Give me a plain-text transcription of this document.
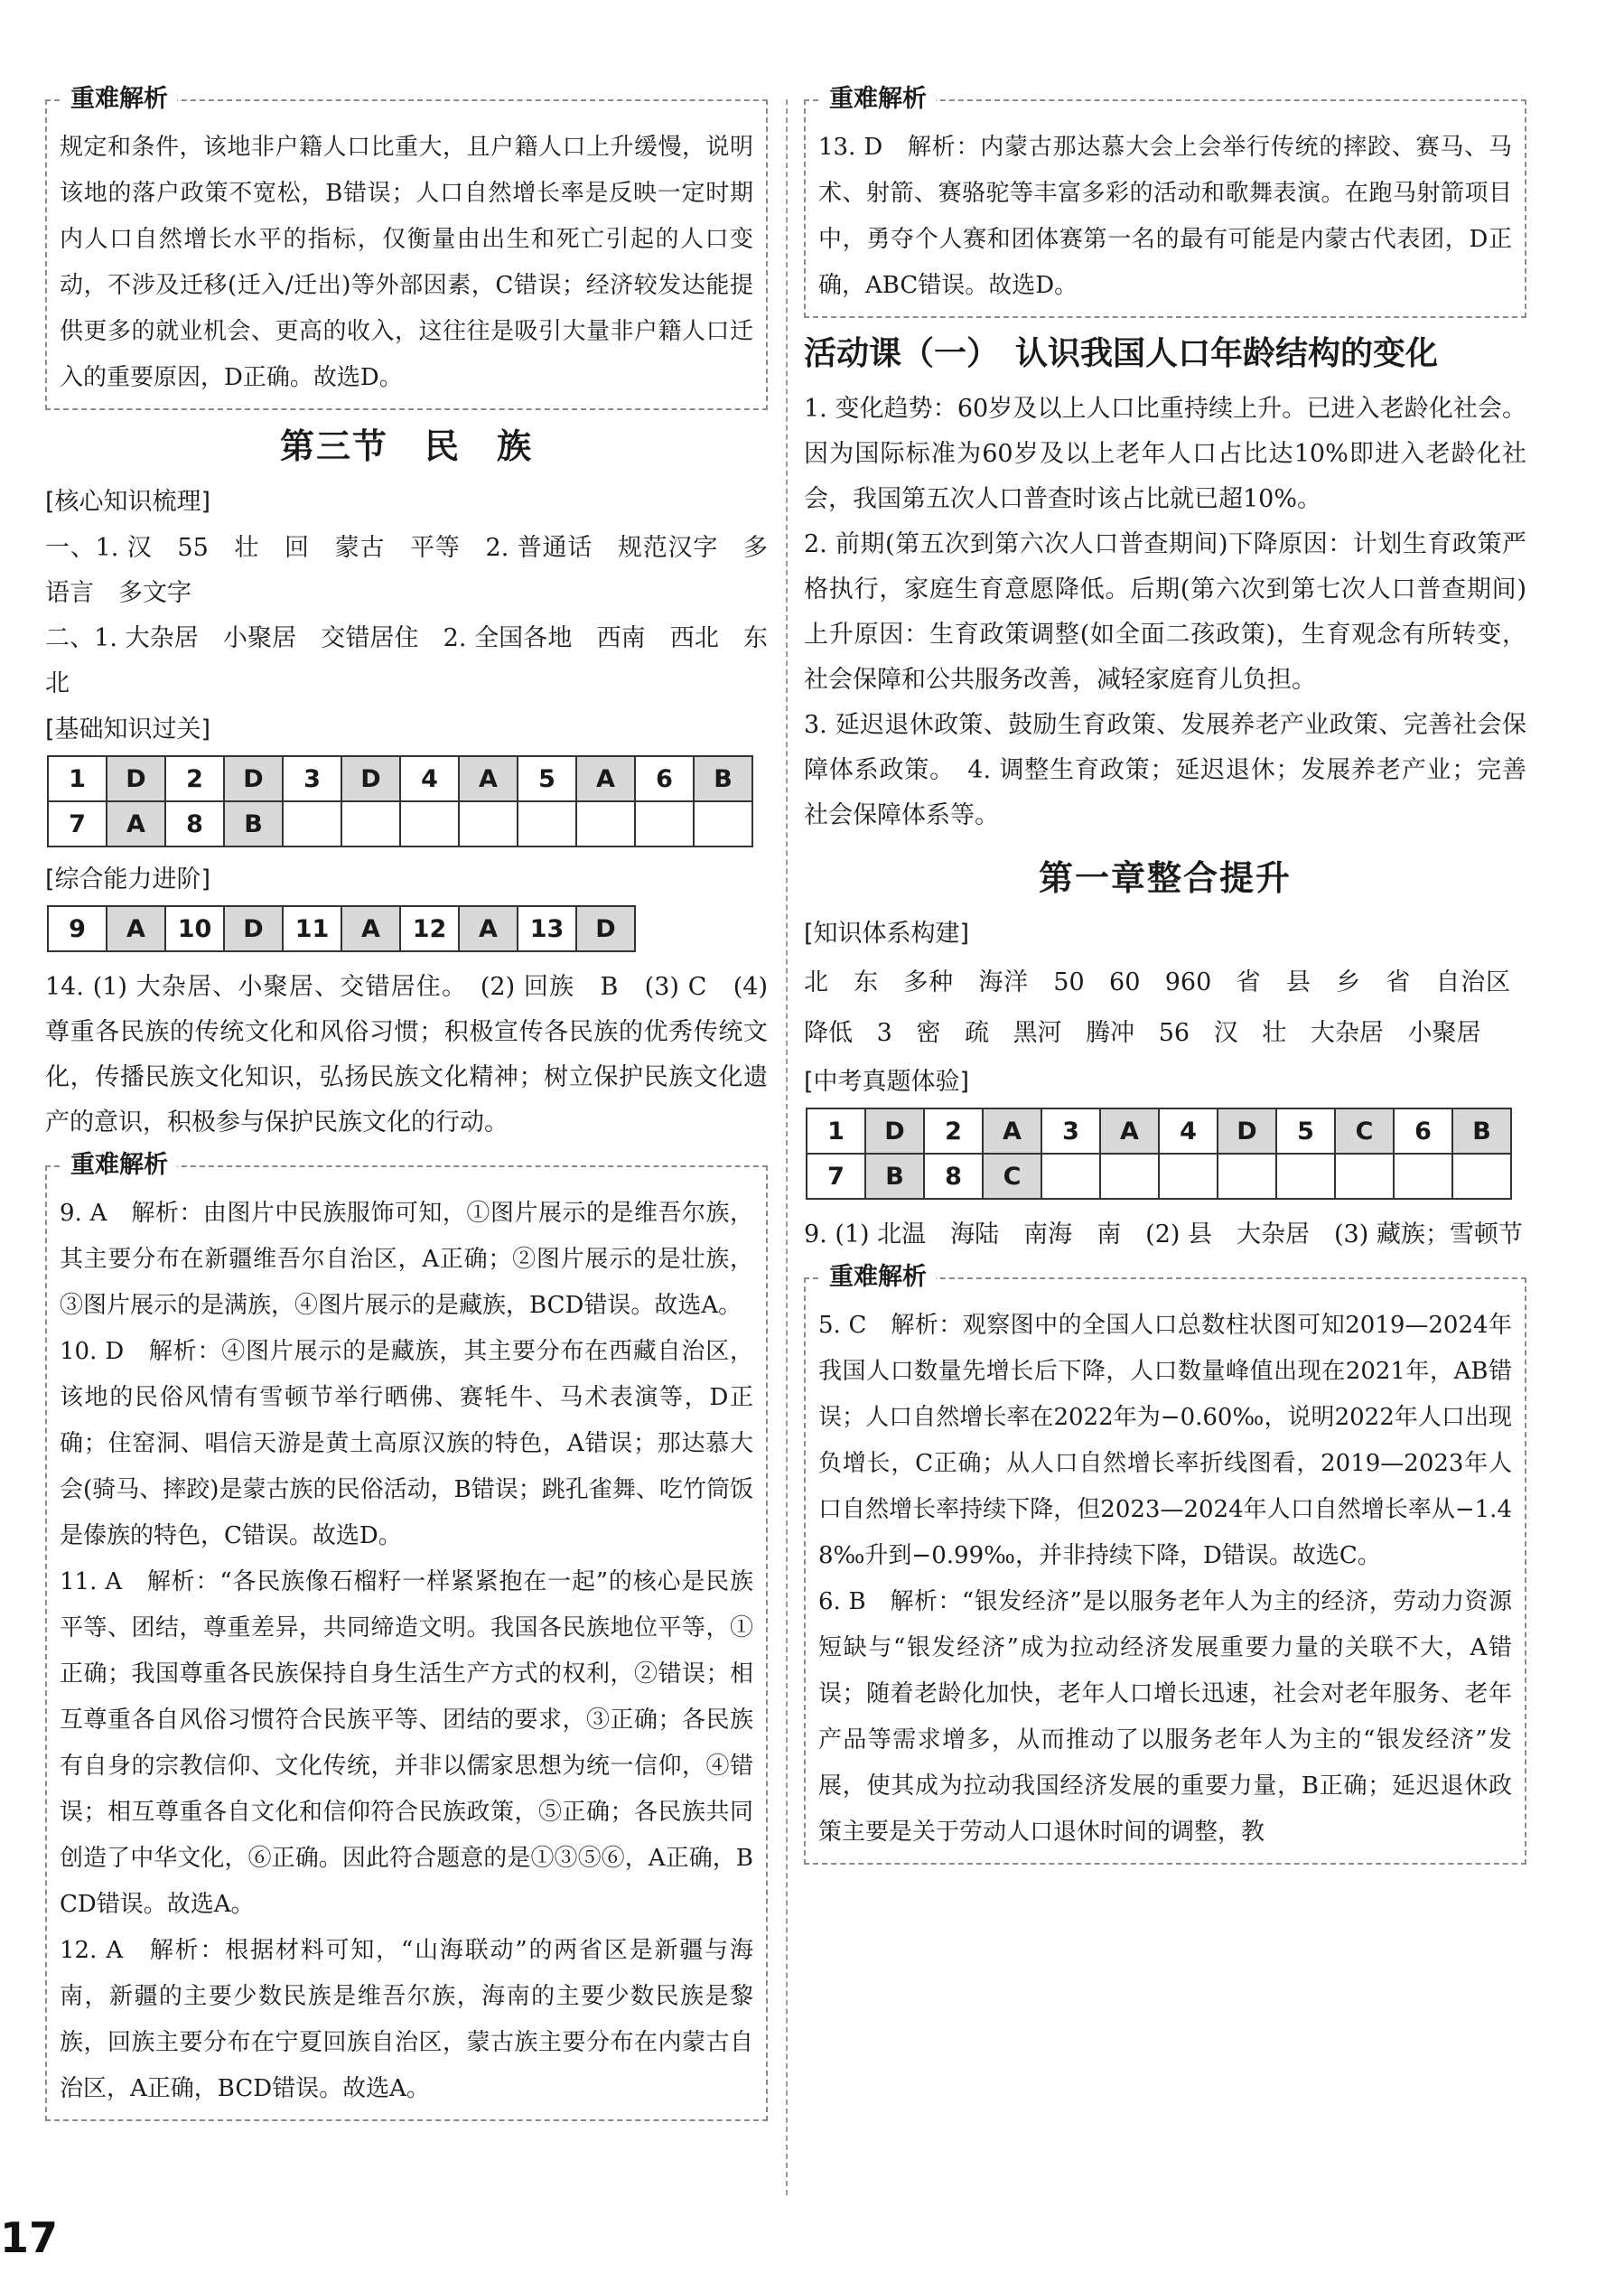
重难解析

规定和条件，该地非户籍人口比重大，且户籍人口上升缓慢，说明该地的落户政策不宽松，B错误；人口自然增长率是反映一定时期内人口自然增长水平的指标，仅衡量由出生和死亡引起的人口变动，不涉及迁移(迁入/迁出)等外部因素，C错误；经济较发达能提供更多的就业机会、更高的收入，这往往是吸引大量非户籍人口迁入的重要原因，D正确。故选D。

第三节　民　族
[核心知识梳理]

一、1. 汉　55　壮　回　蒙古　平等　2. 普通话　规范汉字　多语言　多文字

二、1. 大杂居　小聚居　交错居住　2. 全国各地　西南　西北　东北

[基础知识过关]
1	D	2	D	3	D	4	A	5	A	6	B
7	A	8	B								
[综合能力进阶]
9	A	10	D	11	A	12	A	13	D

14. (1) 大杂居、小聚居、交错居住。　(2) 回族　B　(3) C　(4) 尊重各民族的传统文化和风俗习惯；积极宣传各民族的优秀传统文化，传播民族文化知识，弘扬民族文化精神；树立保护民族文化遗产的意识，积极参与保护民族文化的行动。

重难解析

9. A　解析：由图片中民族服饰可知，①图片展示的是维吾尔族，其主要分布在新疆维吾尔自治区，A正确；②图片展示的是壮族，③图片展示的是满族，④图片展示的是藏族，BCD错误。故选A。

10. D　解析：④图片展示的是藏族，其主要分布在西藏自治区，该地的民俗风情有雪顿节举行晒佛、赛牦牛、马术表演等，D正确；住窑洞、唱信天游是黄土高原汉族的特色，A错误；那达慕大会(骑马、摔跤)是蒙古族的民俗活动，B错误；跳孔雀舞、吃竹筒饭是傣族的特色，C错误。故选D。

11. A　解析：“各民族像石榴籽一样紧紧抱在一起”的核心是民族平等、团结，尊重差异，共同缔造文明。我国各民族地位平等，①正确；我国尊重各民族保持自身生活生产方式的权利，②错误；相互尊重各自风俗习惯符合民族平等、团结的要求，③正确；各民族有自身的宗教信仰、文化传统，并非以儒家思想为统一信仰，④错误；相互尊重各自文化和信仰符合民族政策，⑤正确；各民族共同创造了中华文化，⑥正确。因此符合题意的是①③⑤⑥，A正确，BCD错误。故选A。

12. A　解析：根据材料可知，“山海联动”的两省区是新疆与海南，新疆的主要少数民族是维吾尔族，海南的主要少数民族是黎族，回族主要分布在宁夏回族自治区，蒙古族主要分布在内蒙古自治区，A正确，BCD错误。故选A。

重难解析

13. D　解析：内蒙古那达慕大会上会举行传统的摔跤、赛马、马术、射箭、赛骆驼等丰富多彩的活动和歌舞表演。在跑马射箭项目中，勇夺个人赛和团体赛第一名的最有可能是内蒙古代表团，D正确，ABC错误。故选D。

活动课（一）　认识我国人口年龄结构的变化

1. 变化趋势：60岁及以上人口比重持续上升。已进入老龄化社会。因为国际标准为60岁及以上老年人口占比达10%即进入老龄化社会，我国第五次人口普查时该占比就已超10%。

2. 前期(第五次到第六次人口普查期间)下降原因：计划生育政策严格执行，家庭生育意愿降低。后期(第六次到第七次人口普查期间)上升原因：生育政策调整(如全面二孩政策)，生育观念有所转变，社会保障和公共服务改善，减轻家庭育儿负担。

3. 延迟退休政策、鼓励生育政策、发展养老产业政策、完善社会保障体系政策。　4. 调整生育政策；延迟退休；发展养老产业；完善社会保障体系等。

第一章整合提升
[知识体系构建]

北 东 多种 海洋 50 60 960 省 县 乡 省 自治区 降低 3 密 疏 黑河 腾冲 56 汉 壮 大杂居 小聚居

[中考真题体验]
1	D	2	A	3	A	4	D	5	C	6	B
7	B	8	C								

9. (1) 北温　海陆　南海　南　(2) 县　大杂居　(3) 藏族；雪顿节

重难解析

5. C　解析：观察图中的全国人口总数柱状图可知2019—2024年我国人口数量先增长后下降，人口数量峰值出现在2021年，AB错误；人口自然增长率在2022年为−0.60‰，说明2022年人口出现负增长，C正确；从人口自然增长率折线图看，2019—2023年人口自然增长率持续下降，但2023—2024年人口自然增长率从−1.48‰升到−0.99‰，并非持续下降，D错误。故选C。

6. B　解析：“银发经济”是以服务老年人为主的经济，劳动力资源短缺与“银发经济”成为拉动经济发展重要力量的关联不大，A错误；随着老龄化加快，老年人口增长迅速，社会对老年服务、老年产品等需求增多，从而推动了以服务老年人为主的“银发经济”发展，使其成为拉动我国经济发展的重要力量，B正确；延迟退休政策主要是关于劳动人口退休时间的调整，教

17
